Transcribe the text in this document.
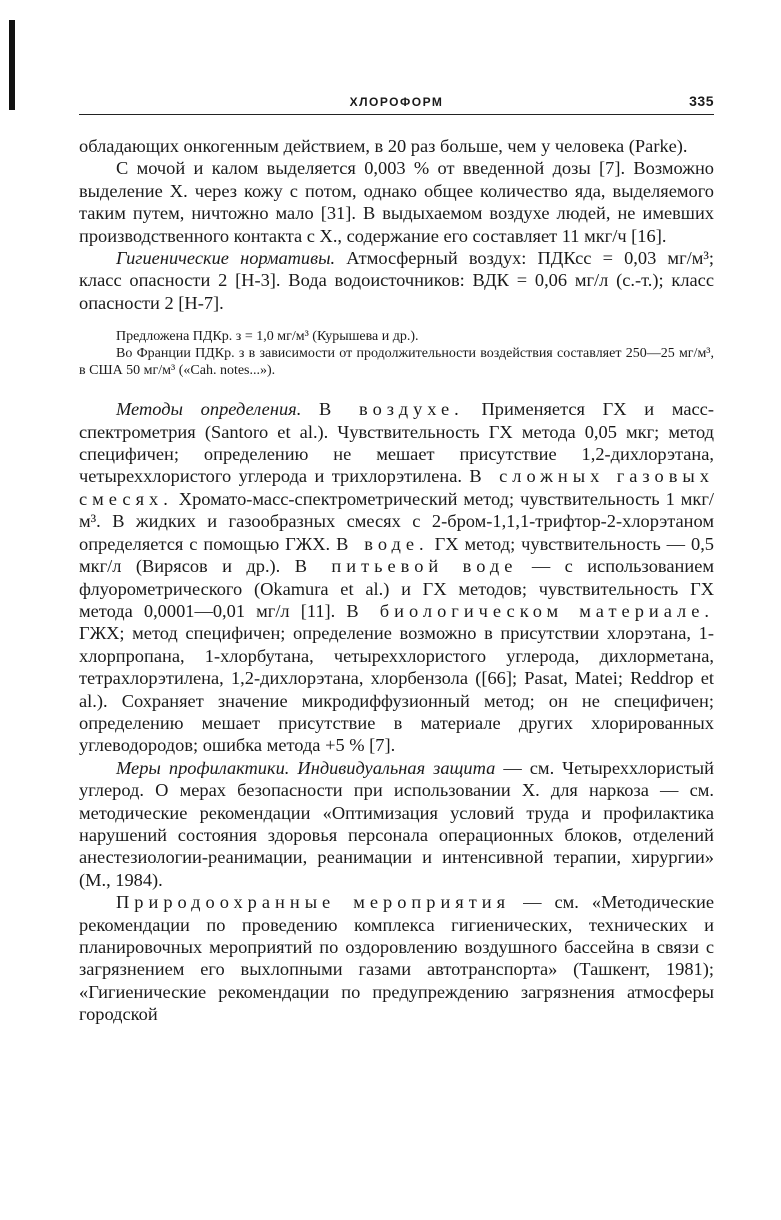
ХЛОРОФОРМ	335

обладающих онкогенным действием, в 20 раз больше, чем у человека (Parke).

С мочой и калом выделяется 0,003 % от введенной дозы [7]. Возможно выделение Х. через кожу с потом, однако общее количество яда, выделяемого таким путем, ничтожно мало [31]. В выдыхаемом воздухе людей, не имевших производственного контакта с Х., содержание его составляет 11 мкг/ч [16].

Гигиенические нормативы. Атмосферный воздух: ПДКсс = 0,03 мг/м³; класс опасности 2 [Н-3]. Вода водоисточников: ВДК = 0,06 мг/л (с.-т.); класс опасности 2 [Н-7].

Предложена ПДКр. з = 1,0 мг/м³ (Курышева и др.).

Во Франции ПДКр. з в зависимости от продолжительности воздействия составляет 250—25 мг/м³, в США 50 мг/м³ («Cah. notes...»).

Методы определения. В воздухе. Применяется ГХ и масс-спектрометрия (Santoro et al.). Чувствительность ГХ метода 0,05 мкг; метод специфичен; определению не мешает присутствие 1,2-дихлорэтана, четыреххлористого углерода и трихлорэтилена. В сложных газовых смесях. Хромато-масс-спектрометрический метод; чувствительность 1 мкг/м³. В жидких и газообразных смесях с 2-бром-1,1,1-трифтор-2-хлорэтаном определяется с помощью ГЖХ. В воде. ГХ метод; чувствительность — 0,5 мкг/л (Вирясов и др.). В питьевой воде — с использованием флуорометрического (Okamura et al.) и ГХ методов; чувствительность ГХ метода 0,0001—0,01 мг/л [11]. В биологическом материале. ГЖХ; метод специфичен; определение возможно в присутствии хлорэтана, 1-хлорпропана, 1-хлорбутана, четыреххлористого углерода, дихлорметана, тетрахлорэтилена, 1,2-дихлорэтана, хлорбензола ([66]; Pasat, Matei; Reddrop et al.). Сохраняет значение микродиффузионный метод; он не специфичен; определению мешает присутствие в материале других хлорированных углеводородов; ошибка метода +5 % [7].

Меры профилактики. Индивидуальная защита — см. Четыреххлористый углерод. О мерах безопасности при использовании Х. для наркоза — см. методические рекомендации «Оптимизация условий труда и профилактика нарушений состояния здоровья персонала операционных блоков, отделений анестезиологии-реанимации, реанимации и интенсивной терапии, хирургии» (М., 1984).

Природоохранные мероприятия — см. «Методические рекомендации по проведению комплекса гигиенических, технических и планировочных мероприятий по оздоровлению воздушного бассейна в связи с загрязнением его выхлопными газами автотранспорта» (Ташкент, 1981); «Гигиенические рекомендации по предупреждению загрязнения атмосферы городской
